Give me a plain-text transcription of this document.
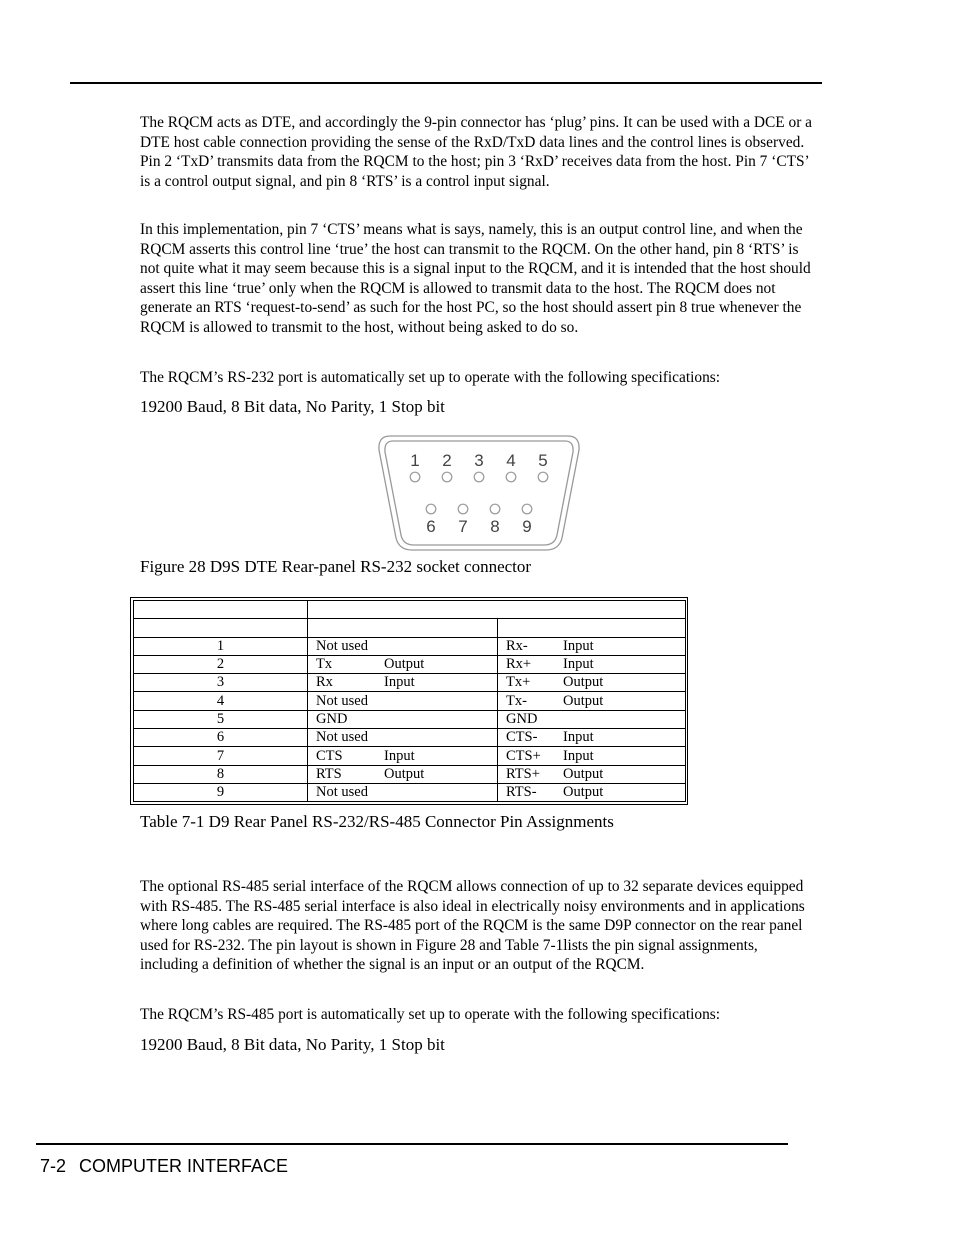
The RQCM acts as DTE, and accordingly the 9-pin connector has ‘plug’ pins. It can be used with a DCE or a DTE host cable connection providing the sense of the RxD/TxD data lines and the control lines is observed. Pin 2 ‘TxD’ transmits data from the RQCM to the host; pin 3 ‘RxD’ receives data from the host. Pin 7 ‘CTS’ is a control output signal, and pin 8 ‘RTS’ is a control input signal.

In this implementation, pin 7 ‘CTS’ means what is says, namely, this is an output control line, and when the RQCM asserts this control line ‘true’ the host can transmit to the RQCM. On the other hand, pin 8 ‘RTS’ is not quite what it may seem because this is a signal input to the RQCM, and it is intended that the host should assert this line ‘true’ only when the RQCM is allowed to transmit data to the host. The RQCM does not generate an RTS ‘request-to-send’ as such for the host PC, so the host should assert pin 8 true whenever the RQCM is allowed to transmit to the host, without being asked to do so.

The RQCM’s RS-232 port is automatically set up to operate with the following specifications:

19200 Baud, 8 Bit data, No Parity, 1 Stop bit

1 2 3 4 5
6 7 8 9

Figure 28 D9S DTE Rear-panel RS-232 socket connector

1	Not used	Rx- Input
2	Tx Output	Rx+ Input
3	Rx Input	Tx+ Output
4	Not used	Tx- Output
5	GND	GND
6	Not used	CTS- Input
7	CTS Input	CTS+ Input
8	RTS Output	RTS+ Output
9	Not used	RTS- Output

Table 7-1 D9 Rear Panel RS-232/RS-485 Connector Pin Assignments

The optional RS-485 serial interface of the RQCM allows connection of up to 32 separate devices equipped with RS-485. The RS-485 serial interface is also ideal in electrically noisy environments and in applications where long cables are required. The RS-485 port of the RQCM is the same D9P connector on the rear panel used for RS-232. The pin layout is shown in Figure 28 and Table 7-1lists the pin signal assignments, including a definition of whether the signal is an input or an output of the RQCM.

The RQCM’s RS-485 port is automatically set up to operate with the following specifications:

19200 Baud, 8 Bit data, No Parity, 1 Stop bit

7-2 COMPUTER INTERFACE
